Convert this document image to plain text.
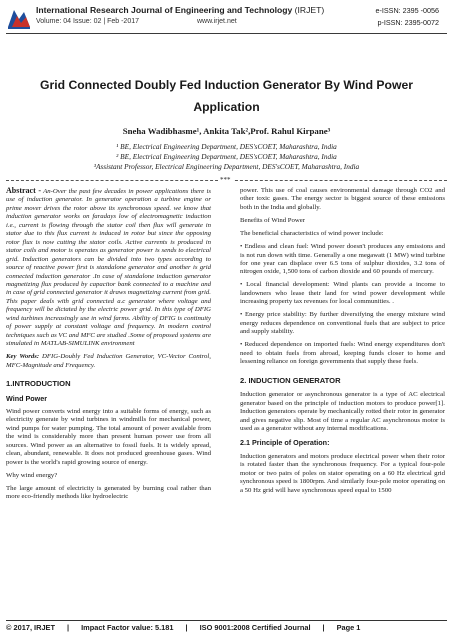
International Research Journal of Engineering and Technology (IRJET)	e-ISSN: 2395 -0056
Volume: 04 Issue: 02 | Feb -2017	www.irjet.net	p-ISSN: 2395-0072
Grid Connected Doubly Fed Induction Generator By Wind Power
Application
Sneha Wadibhasme¹, Ankita Tak²,Prof. Rahul Kirpane³
¹ BE, Electrical Engineering Department, DES'sCOET, Maharashtra, India
² BE, Electrical Engineering Department, DES'sCOET, Maharashtra, India
³Assistant Professor, Electrical Engineering Department, DES'sCOET, Maharashtra, India
***

Abstract - An-Over the past few decades in power applications there is use of induction generator. In generator operation a turbine engine or prime mover drives the rotor above its synchronous speed. we know that induction generator works on faradays low of electromagnetic induction i.e., current is flowing through the stator coil then flux will generate in stator due to this flux current is induced in rotor but since the opposing rotor flux is now cutting the stator coils. Active currents is produced in stator coils and motor is operates as generator power is sends to electrical grid. Induction generators can be divided into two types according to source of reactive power first is standalone generator and another is grid connected induction generator .In case of standalone induction generator magnetizing flux produced by capacitor bank connected to a machine and in case of grid connected generator it draws magnetizing current from grid. This paper deals with grid connected a.c generator where voltage and frequency will be dictated by the electric power grid. In this type of DFIG wind turbines increasingly use in wind farms. Ability of DFIG is continuity of power supply at constant voltage and frequency. In modern control techniques such as VC and MFC are studied .Some of proposed systems are simulated in MATLAB-SIMULINK environment

Key Words: DFIG-Doubly Fed Induction Generator, VC-Vector Control, MFC-Magnitude and Frequency.

1.INTRODUCTION
Wind Power

Wind power converts wind energy into a suitable forms of energy, such as electricity generate by wind turbines in windmills for mechanical power, wind pumps for water pumping. The total amount of power available from the wind is considerably more than present human power use from all sources. Wind power as an alternative to fossil fuels. It is widely spread, clean, abundant, renewable. It does not produced greenhouse gases. Wind power is the world's rapid growing source of energy.

Why wind energy?

The large amount of electricity is generated by burning coal rather than more eco-friendly methods like hydroelectric

power. This use of coal causes environmental damage through CO2 and other toxic gases. The energy sector is biggest source of these emissions both in the India and globally.

Benefits of Wind Power

The beneficial characteristics of wind power include:

• Endless and clean fuel: Wind power doesn't produces any emissions and is not run down with time. Generally a one megawatt (1 MW) wind turbine for one year can displace over 6.5 tons of sulphur dioxides, 3.2 tons of nitrogen oxide, 1,500 tons of carbon dioxide and 60 pounds of mercury.

• Local financial development: Wind plants can provide a income to landowners who lease their land for wind power development while increasing property tax revenues for local communities. .

• Energy price stability: By further diversifying the energy mixture wind energy reduces dependence on conventional fuels that are subject to price and supply stability.

• Reduced dependence on imported fuels: Wind energy expenditures don't need to obtain fuels from abroad, keeping funds closer to home and lessening reliance on foreign governments that supply these fuels.

2. INDUCTION GENERATOR

Induction generator or asynchronous generator is a type of AC electrical generator based on the principle of induction motors to produce power[1]. Induction generators operate by mechanically rotted their rotor in generator and gives negative slip. Most of time a regular AC asynchronous motor is used as a generator without any internal modifications.

2.1 Principle of Operation:

Induction generators and motors produce electrical power when their rotor is rotated faster than the synchronous frequency. For a typical four-pole motor or two pairs of poles on stator operating on a 60 Hz electrical grid synchronous speed is 1800rpm. And similarly four-pole motor operating on a 50 Hz grid will have synchronous speed equal to 1500

© 2017, IRJET | Impact Factor value: 5.181 | ISO 9001:2008 Certified Journal | Page 1
